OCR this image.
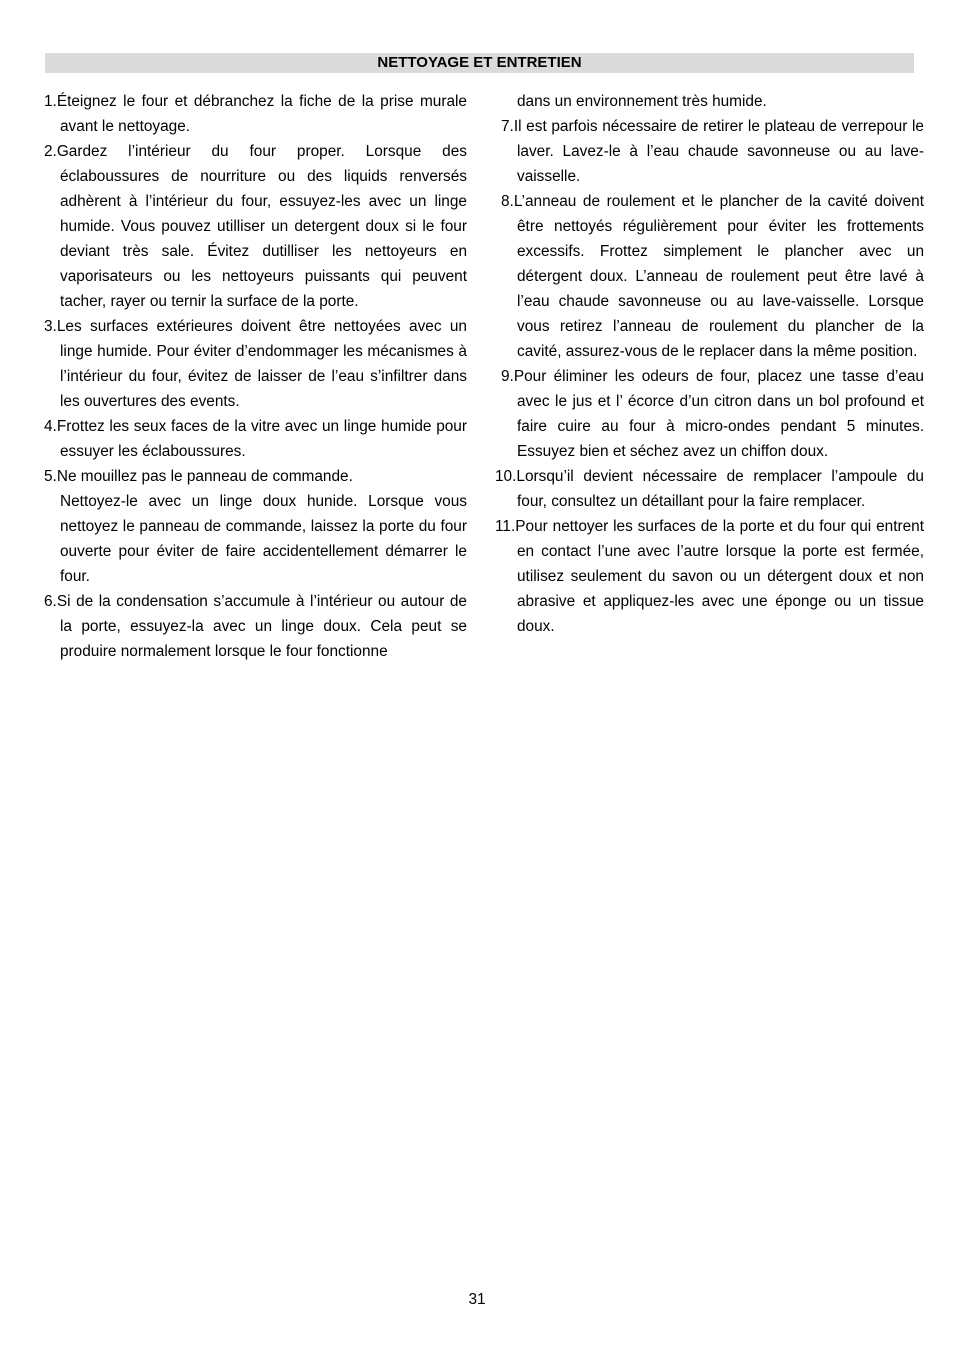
NETTOYAGE ET ENTRETIEN

1.Éteignez le four et débranchez la fiche de la prise murale avant le nettoyage.

2.Gardez l’intérieur du four proper. Lorsque des éclaboussures de nourriture ou des liquids renversés adhèrent à l’intérieur du four, essuyez-les avec un linge humide. Vous pouvez utilliser un detergent doux si le four deviant très sale. Évitez dutilliser les nettoyeurs en vaporisateurs ou les nettoyeurs puissants qui peuvent tacher, rayer ou ternir la surface de la porte.

3.Les surfaces extérieures doivent être nettoyées avec un linge humide. Pour éviter d’endommager les mécanismes à l’intérieur du four, évitez de laisser de l’eau s’infiltrer dans les ouvertures des events.

4.Frottez les seux faces de la vitre avec un linge humide pour essuyer les éclaboussures.

5.Ne mouillez pas le panneau de commande.

Nettoyez-le avec un linge doux hunide. Lorsque vous nettoyez le panneau de commande, laissez la porte du four ouverte pour éviter de faire accidentellement démarrer le four.

6.Si de la condensation s’accumule à l’intérieur ou autour de la porte, essuyez-la avec un linge doux. Cela peut se produire normalement lorsque le four fonctionne

dans un environnement très humide.

7.Il est parfois nécessaire de retirer le plateau de verrepour le laver. Lavez-le à l’eau chaude savonneuse ou au lave-vaisselle.

8.L’anneau de roulement et le plancher de la cavité doivent être nettoyés régulièrement pour éviter les frottements excessifs. Frottez simplement le plancher avec un détergent doux. L’anneau de roulement peut être lavé à l’eau chaude savonneuse ou au lave-vaisselle. Lorsque vous retirez l’anneau de roulement du plancher de la cavité, assurez-vous de le replacer dans la même position.

9.Pour éliminer les odeurs de four, placez une tasse d’eau avec le jus et l’ écorce d’un citron dans un bol profound et faire cuire au four à micro-ondes pendant 5 minutes. Essuyez bien et séchez avez un chiffon doux.

10.Lorsqu’il devient nécessaire de remplacer l’ampoule du four, consultez un détaillant pour la faire remplacer.

11.Pour nettoyer les surfaces de la porte et du four qui entrent en contact l’une avec l’autre lorsque la porte est fermée, utilisez seulement du savon ou un détergent doux et non abrasive et appliquez-les avec une éponge ou un tissue doux.

31
